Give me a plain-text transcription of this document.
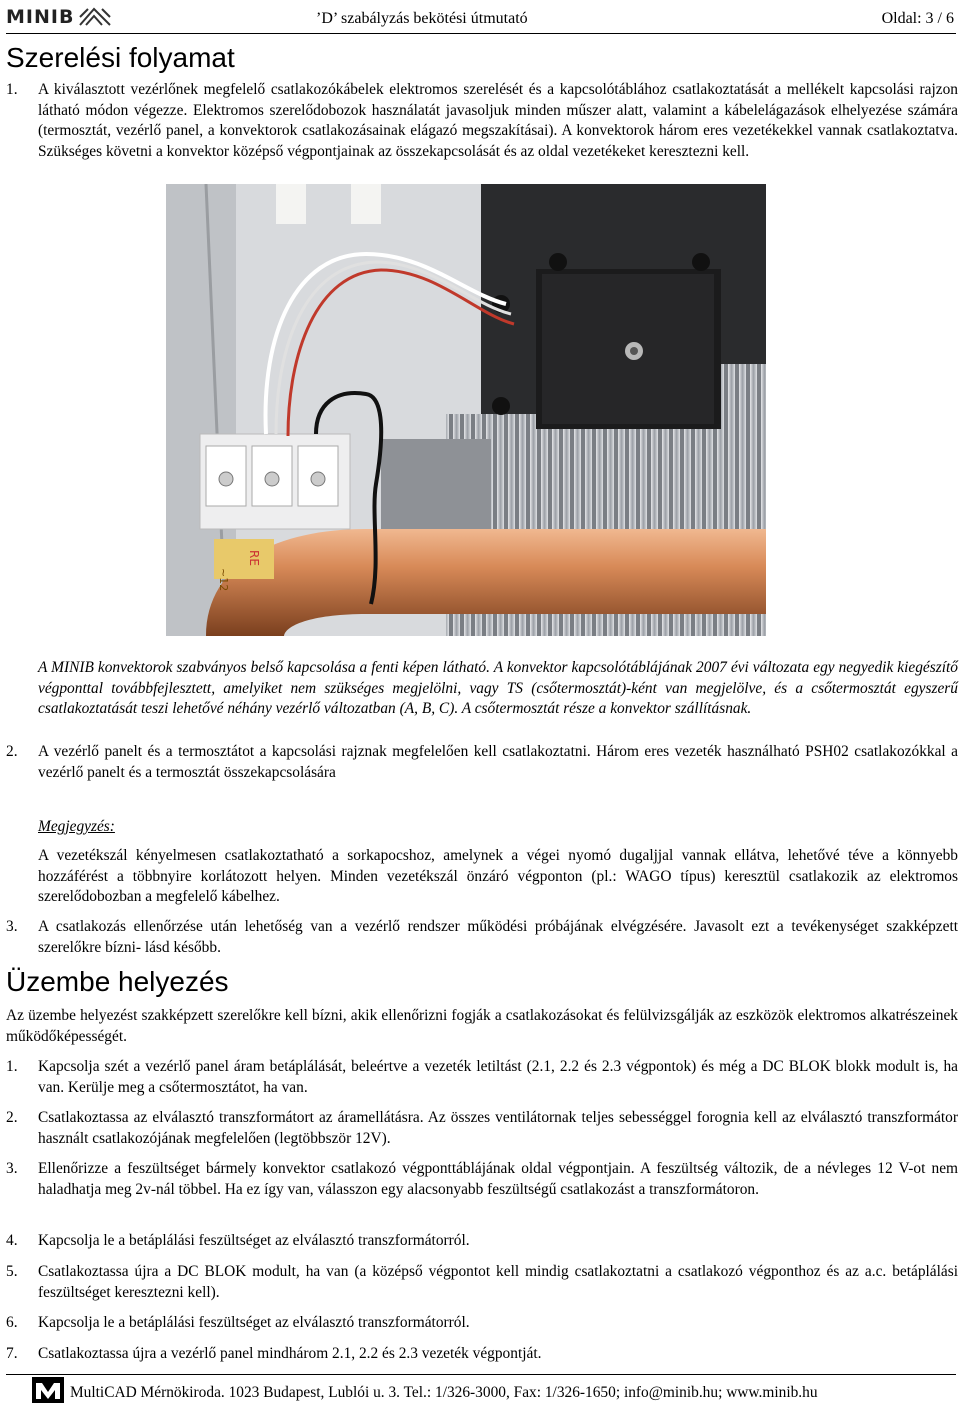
MINIB	’D’ szabályzás bekötési útmutató	Oldal: 3 / 6
Szerelési folyamat
1. A kiválasztott vezérlőnek megfelelő csatlakozókábelek elektromos szerelését és a kapcsolótáblához csatlakoztatását a mellékelt kapcsolási rajzon látható módon végezze. Elektromos szerelődobozok használatát javasoljuk minden műszer alatt, valamint a kábelelágazások elhelyezése számára (termosztát, vezérlő panel, a konvektorok csatlakozásainak elágazó megszakításai). A konvektorok három eres vezetékekkel vannak csatlakoztatva. Szükséges követni a konvektor középső végpontjainak az összekapcsolását és az oldal vezetékeket keresztezni kell.
~12
RE
A MINIB konvektorok szabványos belső kapcsolása a fenti képen látható. A konvektor kapcsolótáblájának 2007 évi változata egy negyedik kiegészítő végponttal továbbfejlesztett, amelyiket nem szükséges megjelölni, vagy TS (csőtermosztát)-ként van megjelölve, és a csőtermosztát egyszerű csatlakoztatását teszi lehetővé néhány vezérlő változatban (A, B, C). A csőtermosztát része a konvektor szállításnak.
2. A vezérlő panelt és a termosztátot a kapcsolási rajznak megfelelően kell csatlakoztatni. Három eres vezeték használható PSH02 csatlakozókkal a vezérlő panelt és a termosztát összekapcsolására
Megjegyzés:
A vezetékszál kényelmesen csatlakoztatható a sorkapocshoz, amelynek a végei nyomó dugaljjal vannak ellátva, lehetővé téve a könnyebb hozzáférést a többnyire korlátozott helyen. Minden vezetékszál önzáró végponton (pl.: WAGO típus) keresztül csatlakozik az elektromos szerelődobozban a megfelelő kábelhez.
3. A csatlakozás ellenőrzése után lehetőség van a vezérlő rendszer működési próbájának elvégzésére. Javasolt ezt a tevékenységet szakképzett szerelőkre bízni- lásd később.
Üzembe helyezés
Az üzembe helyezést szakképzett szerelőkre kell bízni, akik ellenőrizni fogják a csatlakozásokat és felülvizsgálják az eszközök elektromos alkatrészeinek működőképességét.
1. Kapcsolja szét a vezérlő panel áram betáplálását, beleértve a vezeték letiltást (2.1, 2.2 és 2.3 végpontok) és még a DC BLOK blokk modult is, ha van. Kerülje meg a csőtermosztátot, ha van.
2. Csatlakoztassa az elválasztó transzformátort az áramellátásra. Az összes ventilátornak teljes sebességgel forognia kell az elválasztó transzformátor használt csatlakozójának megfelelően (legtöbbször 12V).
3. Ellenőrizze a feszültséget bármely konvektor csatlakozó végponttáblájának oldal végpontjain. A feszültség változik, de a névleges 12 V-ot nem haladhatja meg 2v-nál többel. Ha ez így van, válasszon egy alacsonyabb feszültségű csatlakozást a transzformátoron.
4. Kapcsolja le a betáplálási feszültséget az elválasztó transzformátorról.
5. Csatlakoztassa újra a DC BLOK modult, ha van (a középső végpontot kell mindig csatlakoztatni a csatlakozó végponthoz és az a.c. betáplálási feszültséget keresztezni kell).
6. Kapcsolja le a betáplálási feszültséget az elválasztó transzformátorról.
7. Csatlakoztassa újra a vezérlő panel mindhárom 2.1, 2.2 és 2.3 vezeték végpontját.
MultiCAD Mérnökiroda. 1023 Budapest, Lublói u. 3. Tel.: 1/326-3000, Fax: 1/326-1650; info@minib.hu; www.minib.hu
